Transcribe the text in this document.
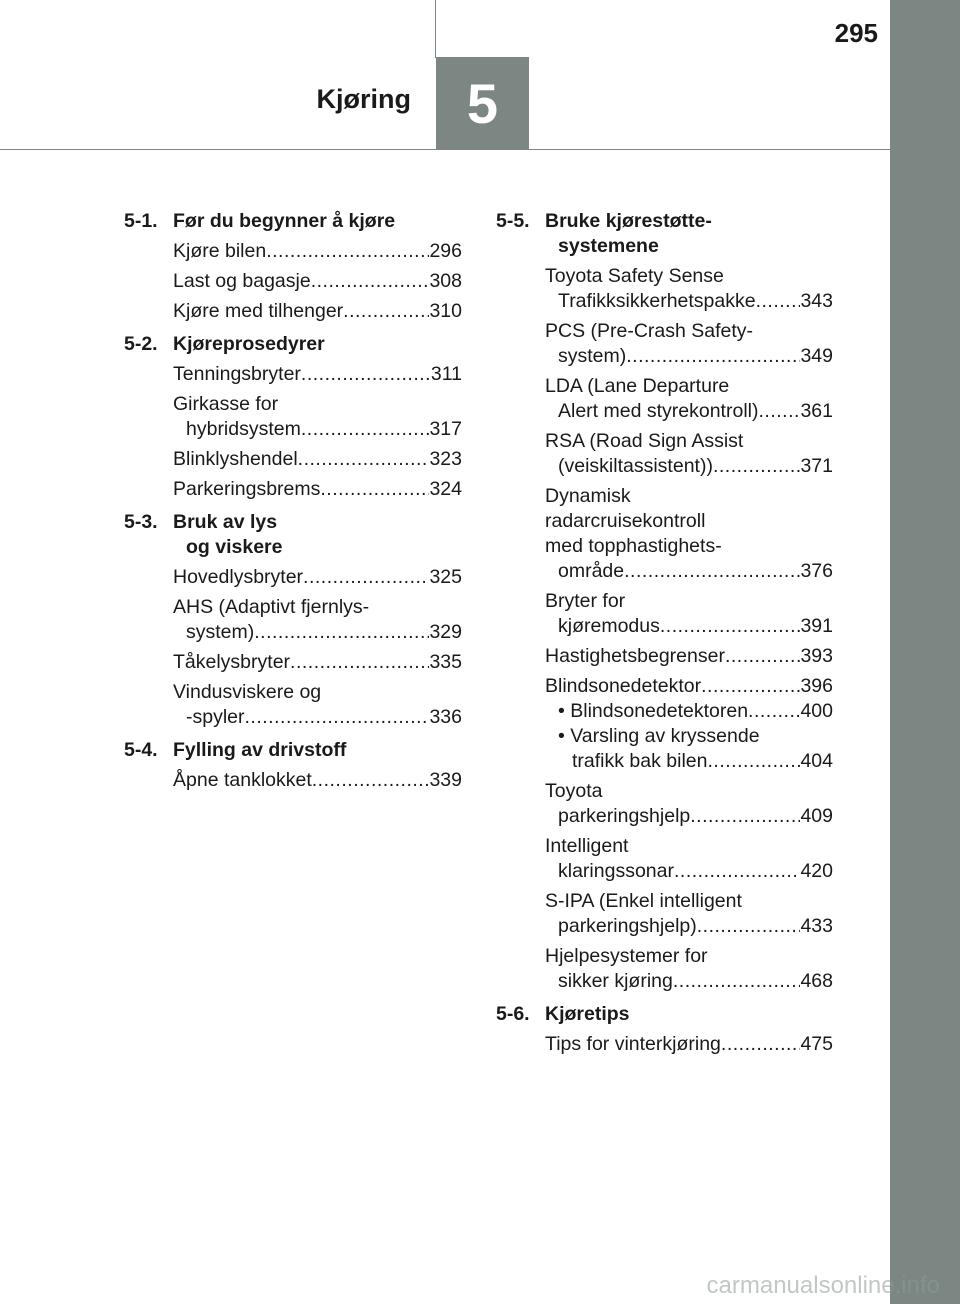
5
Kjøring
295
5-1. Før du begynner å kjøre
Kjøre bilen .....	296
Last og bagasje .....	308
Kjøre med tilhenger .....	310
5-2. Kjøreprosedyrer
Tenningsbryter .....	311
Girkasse for
hybridsystem .....	317
Blinklyshendel .....	323
Parkeringsbrems .....	324
5-3. Bruk av lys
og viskere
Hovedlysbryter .....	325
AHS (Adaptivt fjernlys-
system) .....	329
Tåkelysbryter .....	335
Vindusviskere og
-spyler .....	336
5-4. Fylling av drivstoff
Åpne tanklokket .....	339
5-5. Bruke kjørestøtte-
systemene
Toyota Safety Sense
Trafikksikkerhetspakke ..... 343
PCS (Pre-Crash Safety-
system) .....	349
LDA (Lane Departure
Alert med styrekontroll) ..... 361
RSA (Road Sign Assist
(veiskiltassistent)) .....	371
Dynamisk
radarcruisekontroll
med topphastighets-
område .....	376
Bryter for
kjøremodus .....	391
Hastighetsbegrenser .....	393
Blindsonedetektor .....	396
• Blindsonedetektoren .....	400
• Varsling av kryssende
trafikk bak bilen .....	404
Toyota
parkeringshjelp .....	409
Intelligent
klaringssonar .....	420
S-IPA (Enkel intelligent
parkeringshjelp) .....	433
Hjelpesystemer for
sikker kjøring .....	468
5-6. Kjøretips
Tips for vinterkjøring .....	475
carmanualsonline.info
